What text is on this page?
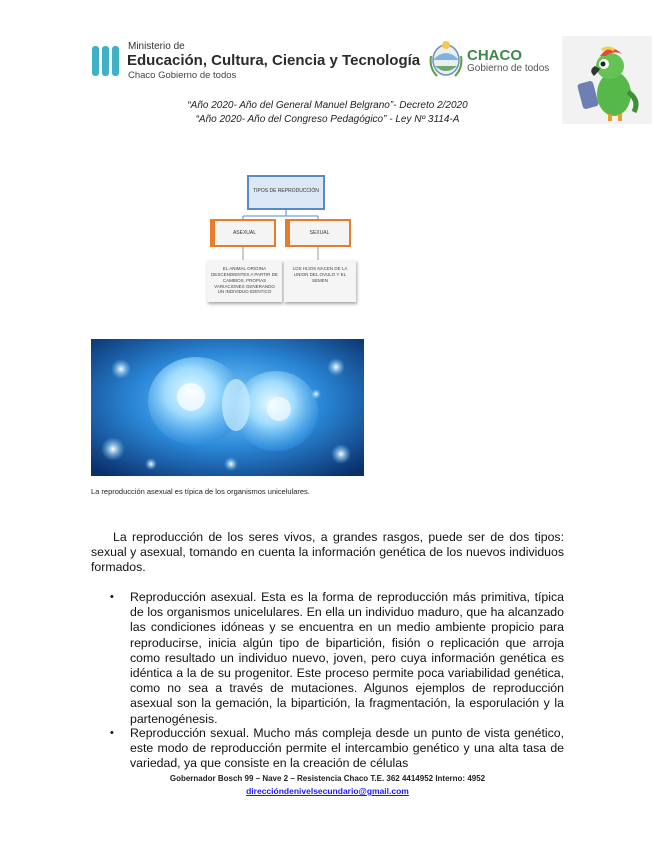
Ministerio de
Educación, Cultura, Ciencia y Tecnología
Chaco Gobierno de todos
CHACO
Gobierno de todos
“Año 2020- Año del General Manuel Belgrano”- Decreto 2/2020
“Año 2020- Año del Congreso Pedagógico” - Ley Nº 3114-A
TIPOS DE REPRODUCCIÓN
ASEXUAL	SEXUAL
EL ANIMAL ORIGINA DESCENDIENTES A PARTIR DE CAMBIOS, PROPIAS VARIACIONES GENERANDO UN INDIVIDUO IDENTICO
LOS HIJOS NACEN DE LA UNION DEL OVULO Y EL SEMEN
La reproducción asexual es típica de los organismos unicelulares.
La reproducción de los seres vivos, a grandes rasgos, puede ser de dos tipos: sexual y asexual, tomando en cuenta la información genética de los nuevos individuos formados.
• Reproducción asexual. Esta es la forma de reproducción más primitiva, típica de los organismos unicelulares. En ella un individuo maduro, que ha alcanzado las condiciones idóneas y se encuentra en un medio ambiente propicio para reproducirse, inicia algún tipo de bipartición, fisión o replicación que arroja como resultado un individuo nuevo, joven, pero cuya información genética es idéntica a la de su progenitor. Este proceso permite poca variabilidad genética, como no sea a través de mutaciones. Algunos ejemplos de reproducción asexual son la gemación, la bipartición, la fragmentación, la esporulación y la partenogénesis.
• Reproducción sexual. Mucho más compleja desde un punto de vista genético, este modo de reproducción permite el intercambio genético y una alta tasa de variedad, ya que consiste en la creación de células
Gobernador Bosch 99 – Nave 2 – Resistencia Chaco T.E. 362 4414952 Interno: 4952
direccióndenivelsecundario@gmail.com
